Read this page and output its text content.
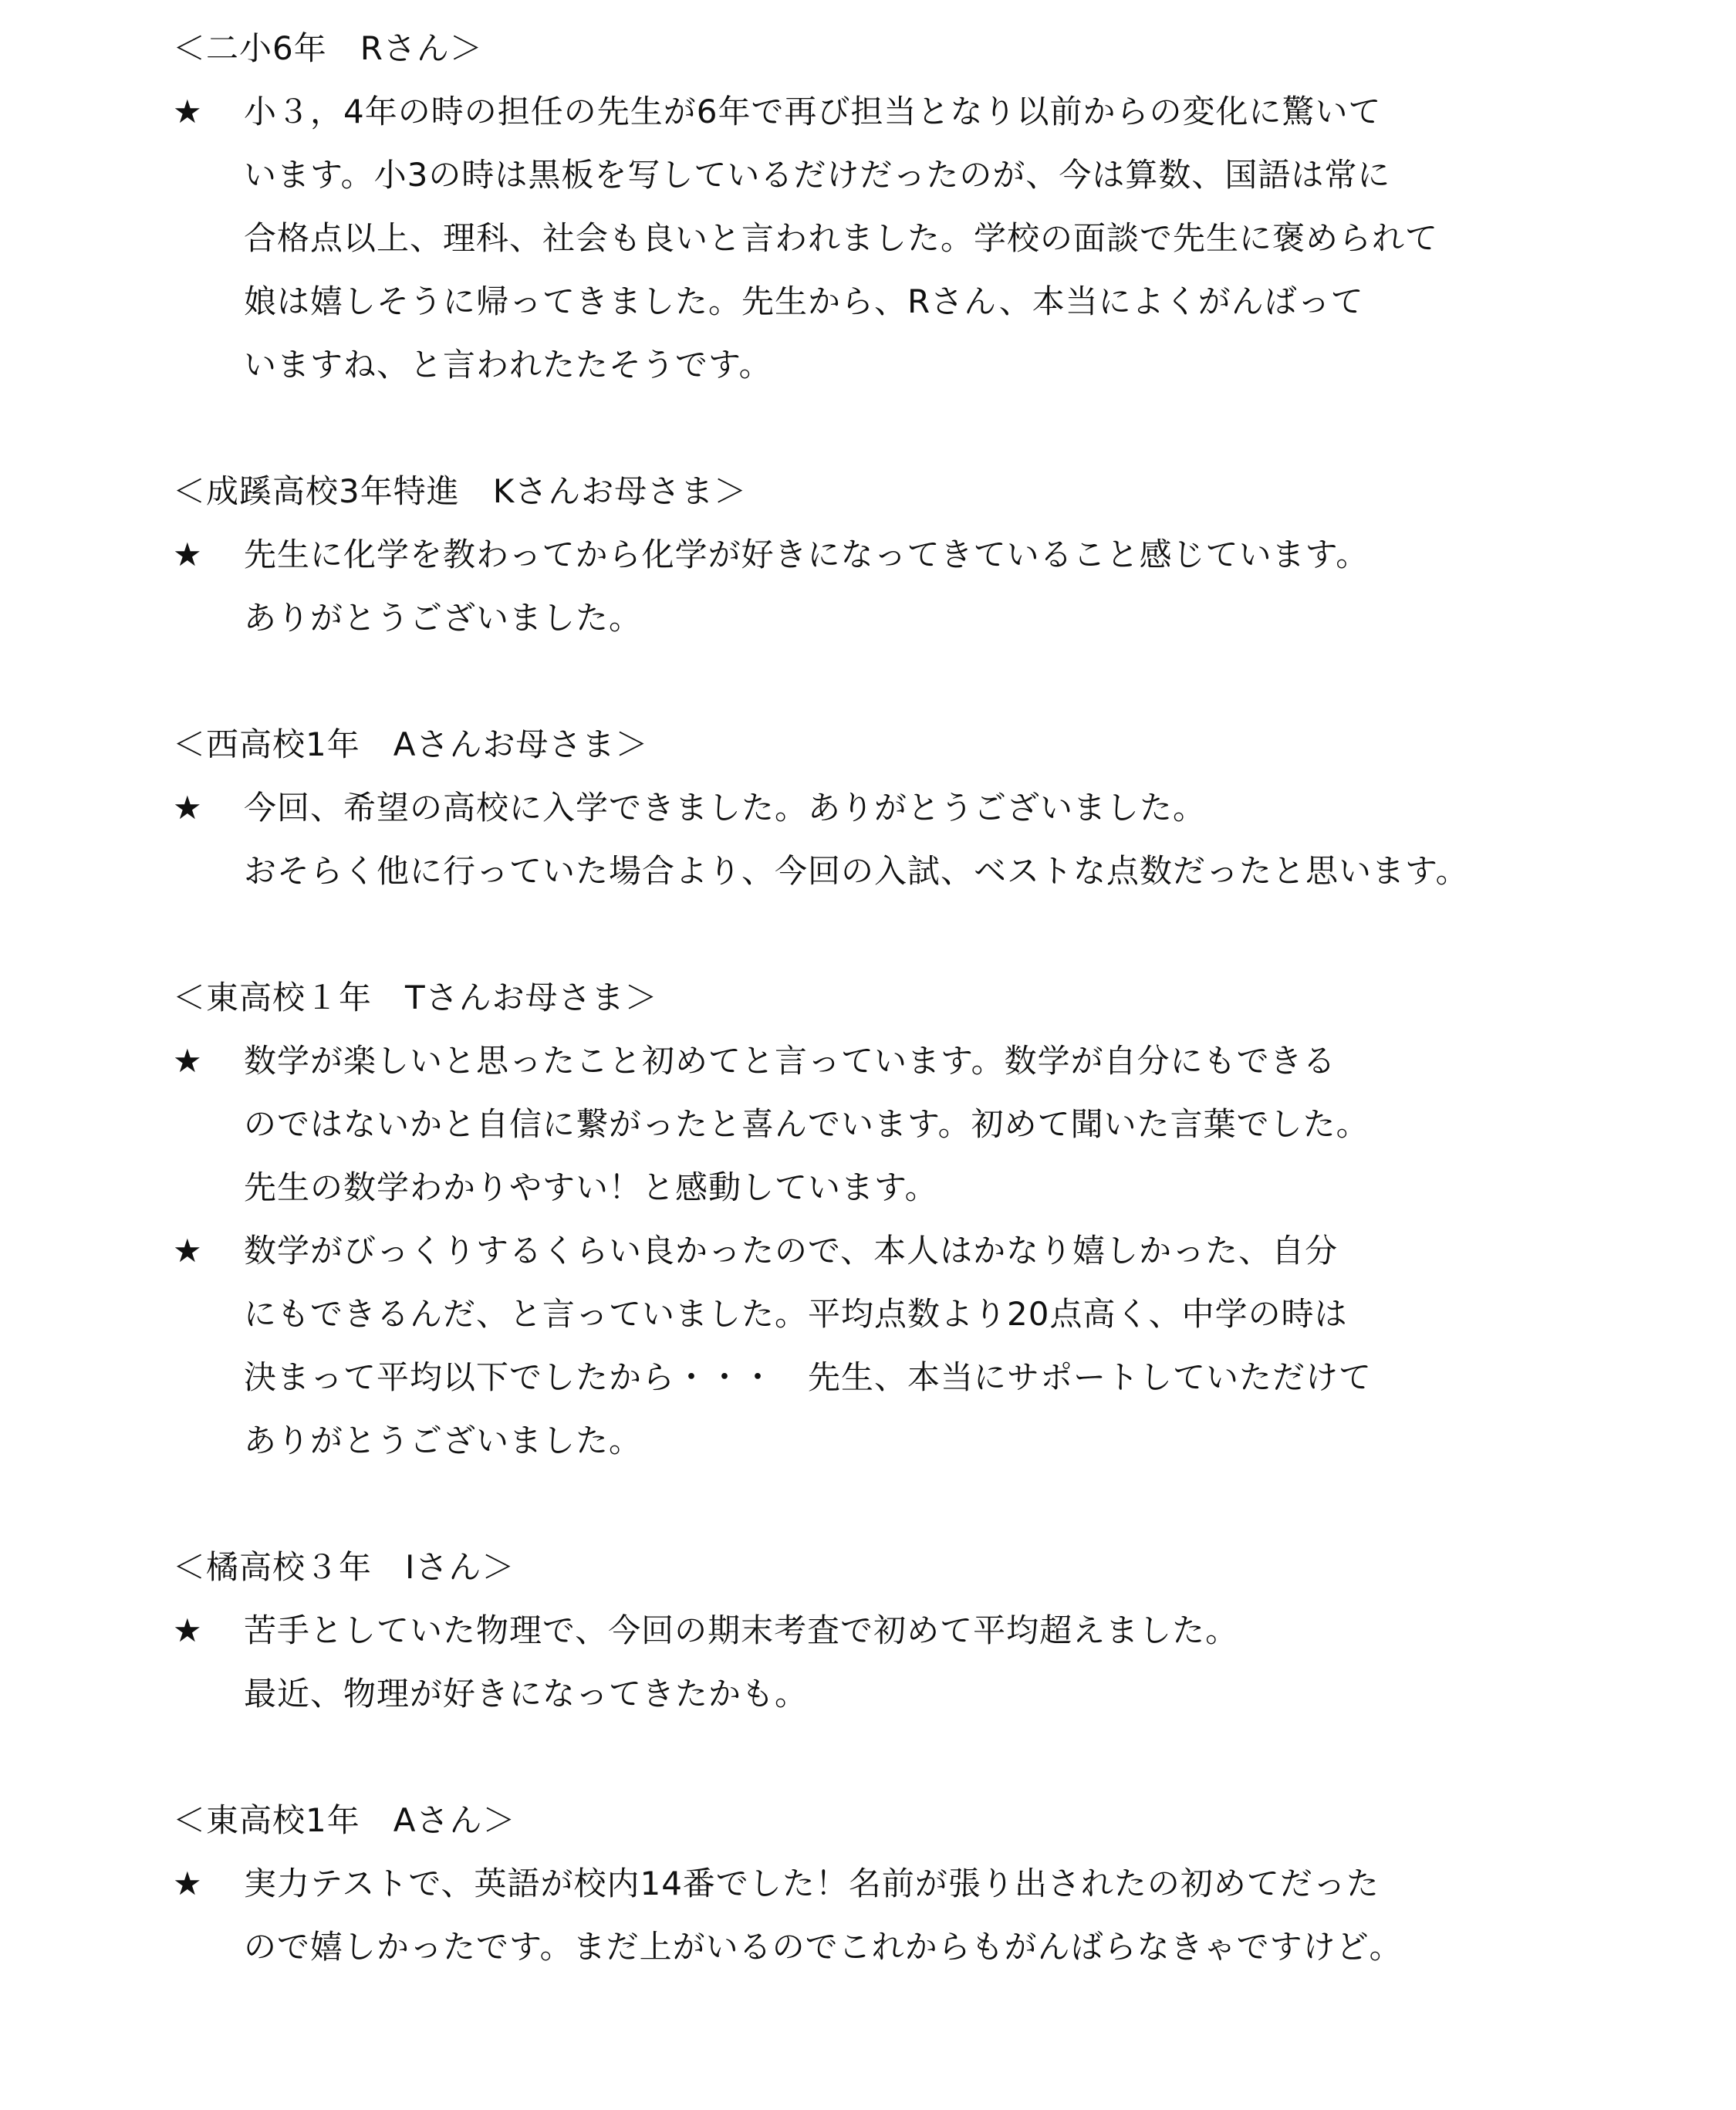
＜二小6年　Rさん＞
★	小３，4年の時の担任の先生が6年で再び担当となり以前からの変化に驚いて
います。小3の時は黒板を写しているだけだったのが、今は算数、国語は常に
合格点以上、理科、社会も良いと言われました。学校の面談で先生に褒められて
娘は嬉しそうに帰ってきました。先生から、Rさん、本当によくがんばって
いますね、と言われたたそうです。
＜成蹊高校3年特進　Kさんお母さま＞
★	先生に化学を教わってから化学が好きになってきていること感じています。
ありがとうございました。
＜西高校1年　Aさんお母さま＞
★	今回、希望の高校に入学できました。ありがとうございました。
おそらく他に行っていた場合より、今回の入試、ベストな点数だったと思います。
＜東高校１年　Tさんお母さま＞
★	数学が楽しいと思ったこと初めてと言っています。数学が自分にもできる
のではないかと自信に繋がったと喜んでいます。初めて聞いた言葉でした。
先生の数学わかりやすい！と感動しています。
★	数学がびっくりするくらい良かったので、本人はかなり嬉しかった、自分
にもできるんだ、と言っていました。平均点数より20点高く、中学の時は
決まって平均以下でしたから・・・　先生、本当にサポートしていただけて
ありがとうございました。
＜橘高校３年　Iさん＞
★	苦手としていた物理で、今回の期末考査で初めて平均超えました。
最近、物理が好きになってきたかも。
＜東高校1年　Aさん＞
★	実力テストで、英語が校内14番でした！名前が張り出されたの初めてだった
ので嬉しかったです。まだ上がいるのでこれからもがんばらなきゃですけど。
